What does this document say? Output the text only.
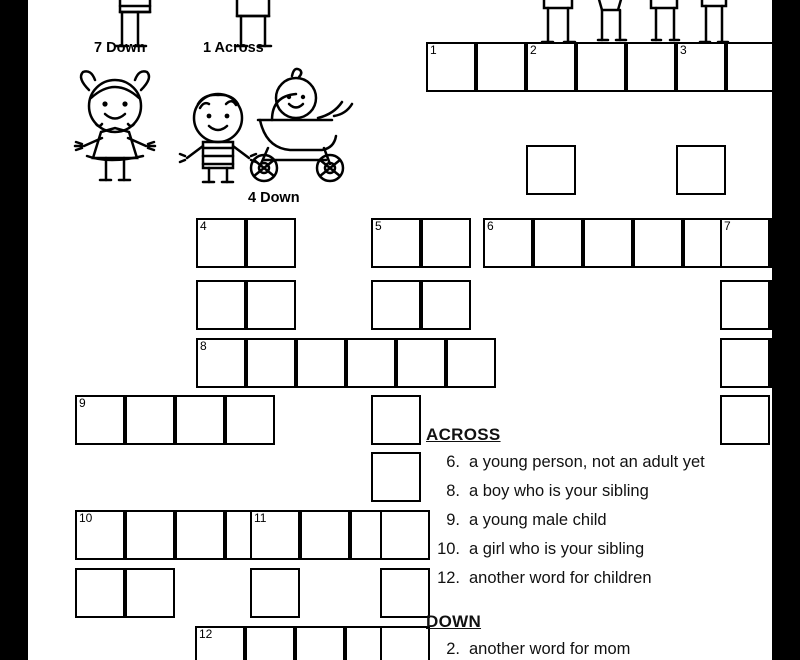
7 Down	1 Across
4 Down
1	2	3
4	5	6	7
8
9
10	11
12
ACROSS
6. a young person, not an adult yet
8. a boy who is your sibling
9. a young male child
10. a girl who is your sibling
12. another word for children
DOWN
2. another word for mom
